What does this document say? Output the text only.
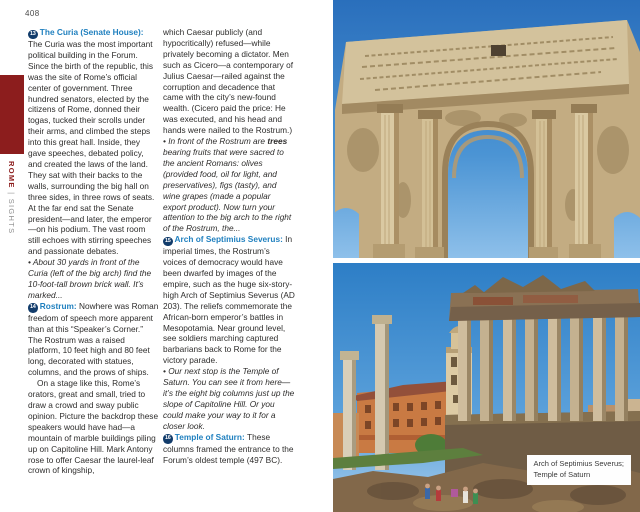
408
ROME | SIGHTS

13 The Curia (Senate House): The Curia was the most important political building in the Forum. Since the birth of the republic, this was the site of Rome’s official center of government. Three hundred senators, elected by the citizens of Rome, donned their togas, tucked their scrolls under their arms, and climbed the steps into this great hall. Inside, they gave speeches, debated policy, and created the laws of the land. They sat with their backs to the walls, surrounding the big hall on three sides, in three rows of seats. At the far end sat the Senate president—and later, the emperor—on his podium. The vast room still echoes with stirring speeches and passionate debates.

• About 30 yards in front of the Curia (left of the big arch) find the 10-foot-tall brown brick wall. It’s marked...

14 Rostrum: Nowhere was Roman freedom of speech more apparent than at this “Speaker’s Corner.” The Rostrum was a raised platform, 10 feet high and 80 feet long, decorated with statues, columns, and the prows of ships.

On a stage like this, Rome’s orators, great and small, tried to draw a crowd and sway public opinion. Picture the backdrop these speakers would have had—a mountain of marble buildings piling up on Capitoline Hill. Mark Antony rose to offer Caesar the laurel-leaf crown of kingship,

which Caesar publicly (and hypocritically) refused—while privately becoming a dictator. Men such as Cicero—a contemporary of Julius Caesar—railed against the corruption and decadence that came with the city’s new-found wealth. (Cicero paid the price: He was executed, and his head and hands were nailed to the Rostrum.)

• In front of the Rostrum are trees bearing fruits that were sacred to the ancient Romans: olives (provided food, oil for light, and preservatives), figs (tasty), and wine grapes (made a popular export product). Now turn your attention to the big arch to the right of the Rostrum, the...

15 Arch of Septimius Severus: In imperial times, the Rostrum’s voices of democracy would have been dwarfed by images of the empire, such as the huge six-story-high Arch of Septimius Severus (AD 203). The reliefs commemorate the African-born emperor’s battles in Mesopotamia. Near ground level, see soldiers marching captured barbarians back to Rome for the victory parade.

• Our next stop is the Temple of Saturn. You can see it from here—it’s the eight big columns just up the slope of Capitoline Hill. Or you could make your way to it for a closer look.

16 Temple of Saturn: These columns framed the entrance to the Forum’s oldest temple (497 BC).	Arch of Septimius Severus;
Temple of Saturn
